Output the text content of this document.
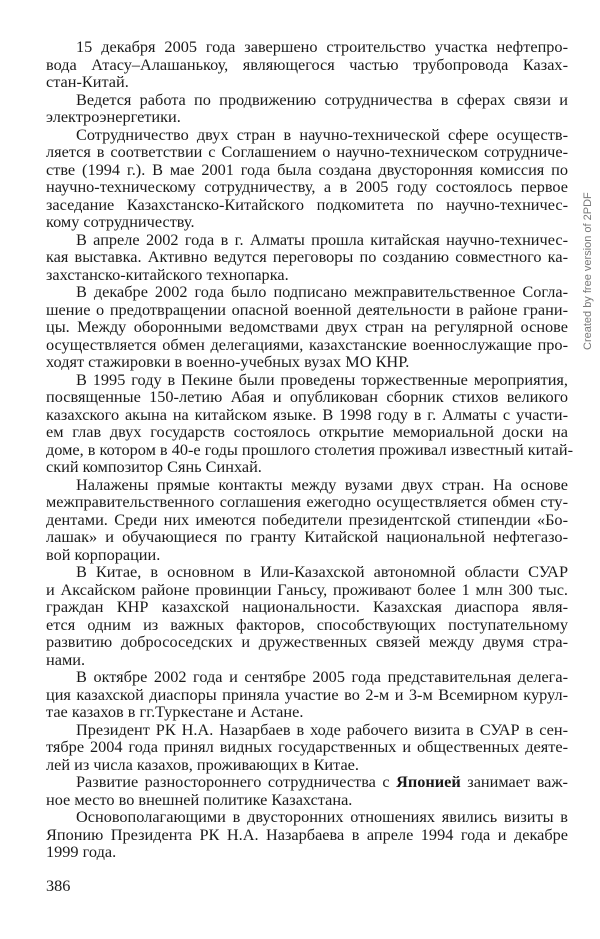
15 декабря 2005 года завершено строительство участка нефтепро-
вода Атасу–Алашанькоу, являющегося частью трубопровода Казах-
стан-Китай.
Ведется работа по продвижению сотрудничества в сферах связи и
электроэнергетики.
Сотрудничество двух стран в научно-технической сфере осуществ-
ляется в соответствии с Соглашением о научно-техническом сотрудниче-
стве (1994 г.). В мае 2001 года была создана двусторонняя комиссия по
научно-техническому сотрудничеству, а в 2005 году состоялось первое
заседание Казахстанско-Китайского подкомитета по научно-техничес-
кому сотрудничеству.
В апреле 2002 года в г. Алматы прошла китайская научно-техничес-
кая выставка. Активно ведутся переговоры по созданию совместного ка-
захстанско-китайского технопарка.
В декабре 2002 года было подписано межправительственное Согла-
шение о предотвращении опасной военной деятельности в районе грани-
цы. Между оборонными ведомствами двух стран на регулярной основе
осуществляется обмен делегациями, казахстанские военнослужащие про-
ходят стажировки в военно-учебных вузах МО КНР.
В 1995 году в Пекине были проведены торжественные мероприятия,
посвященные 150-летию Абая и опубликован сборник стихов великого
казахского акына на китайском языке. В 1998 году в г. Алматы с участи-
ем глав двух государств состоялось открытие мемориальной доски на
доме, в котором в 40-е годы прошлого столетия проживал известный китай-
ский композитор Сянь Синхай.
Налажены прямые контакты между вузами двух стран. На основе
межправительственного соглашения ежегодно осуществляется обмен сту-
дентами. Среди них имеются победители президентской стипендии «Бо-
лашак» и обучающиеся по гранту Китайской национальной нефтегазо-
вой корпорации.
В Китае, в основном в Или-Казахской автономной области СУАР
и Аксайском районе провинции Ганьсу, проживают более 1 млн 300 тыс.
граждан КНР казахской национальности. Казахская диаспора явля-
ется одним из важных факторов, способствующих поступательному
развитию добрососедских и дружественных связей между двумя стра-
нами.
В октябре 2002 года и сентябре 2005 года представительная делега-
ция казахской диаспоры приняла участие во 2-м и 3-м Всемирном курул-
тае казахов в гг.Туркестане и Астане.
Президент РК Н.А. Назарбаев в ходе рабочего визита в СУАР в сен-
тябре 2004 года принял видных государственных и общественных деяте-
лей из числа казахов, проживающих в Китае.
Развитие разностороннего сотрудничества с Японией занимает важ-
ное место во внешней политике Казахстана.
Основополагающими в двусторонних отношениях явились визиты в
Японию Президента РК Н.А. Назарбаева в апреле 1994 года и декабре
1999 года.
386
Created by free version of 2PDF
